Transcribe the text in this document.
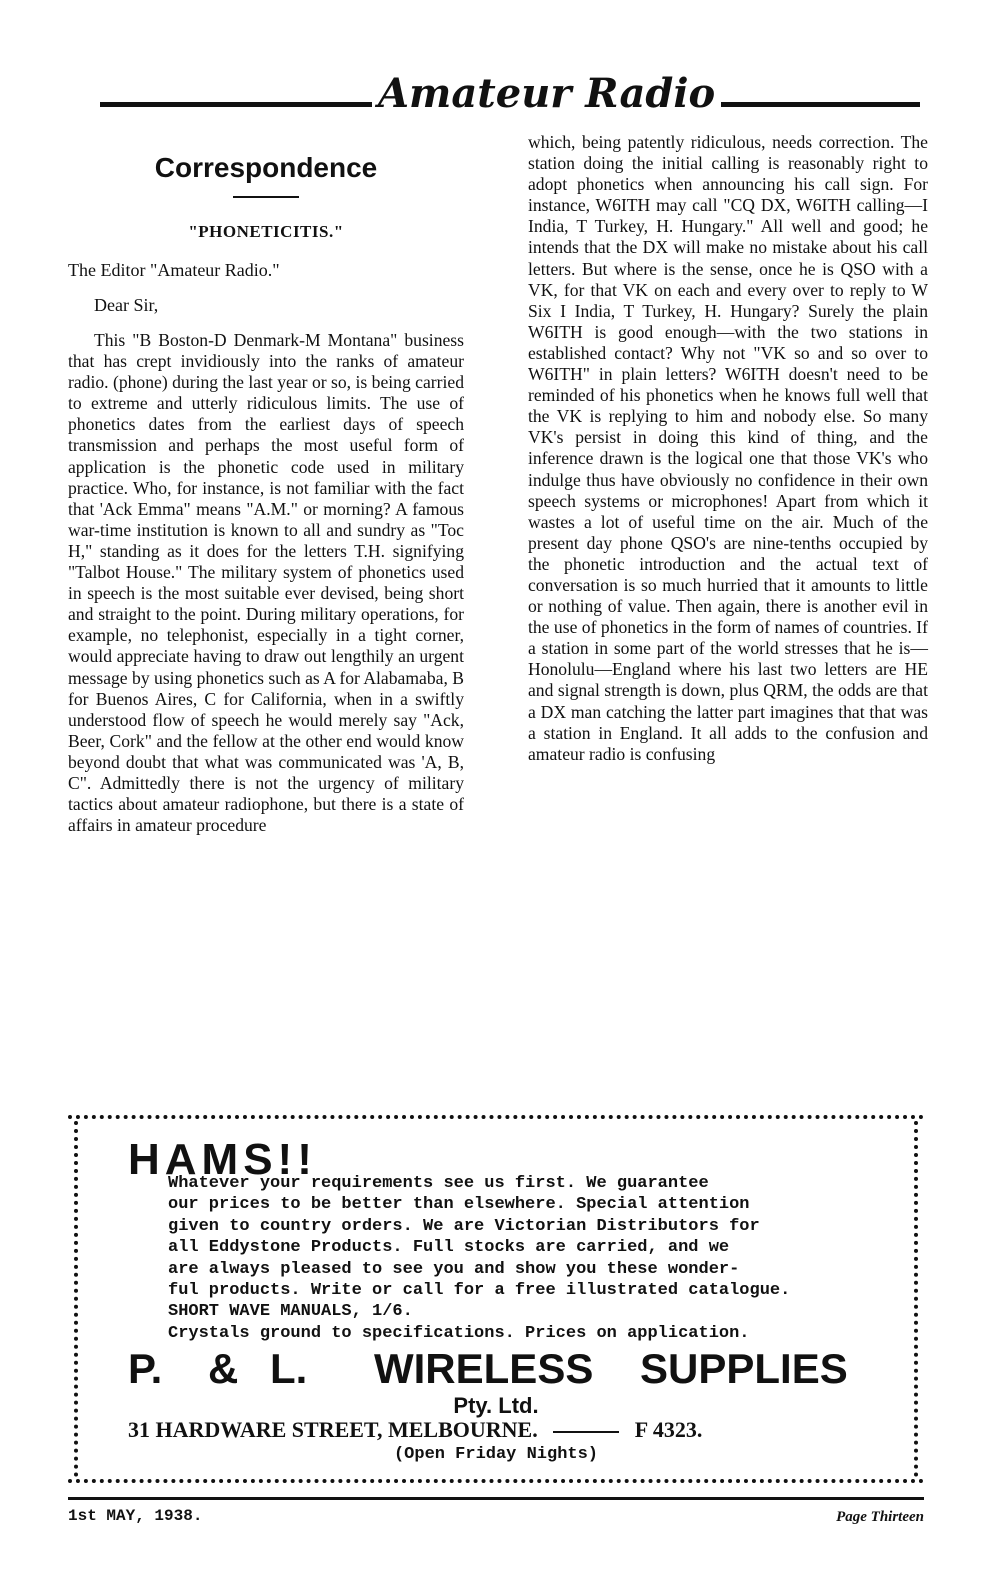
Amateur Radio
Correspondence
"PHONETICITIS."
The Editor "Amateur Radio."
Dear Sir,

This "B Boston-D Denmark-M Montana" business that has crept invidiously into the ranks of amateur radio. (phone) during the last year or so, is being carried to extreme and utterly ridiculous limits. The use of phonetics dates from the earliest days of speech transmission and perhaps the most useful form of application is the phonetic code used in military practice. Who, for instance, is not familiar with the fact that 'Ack Emma" means "A.M." or morning? A famous war-time institution is known to all and sundry as "Toc H," standing as it does for the letters T.H. signifying "Talbot House." The military system of phonetics used in speech is the most suitable ever devised, being short and straight to the point. During military operations, for example, no telephonist, especially in a tight corner, would appreciate having to draw out lengthily an urgent message by using phonetics such as A for Alabamaba, B for Buenos Aires, C for California, when in a swiftly understood flow of speech he would merely say "Ack, Beer, Cork" and the fellow at the other end would know beyond doubt that what was communicated was 'A, B, C". Admittedly there is not the urgency of military tactics about amateur radiophone, but there is a state of affairs in amateur procedure

which, being patently ridiculous, needs correction. The station doing the initial calling is reasonably right to adopt phonetics when announcing his call sign. For instance, W6ITH may call "CQ DX, W6ITH calling—I India, T Turkey, H. Hungary." All well and good; he intends that the DX will make no mistake about his call letters. But where is the sense, once he is QSO with a VK, for that VK on each and every over to reply to W Six I India, T Turkey, H. Hungary? Surely the plain W6ITH is good enough—with the two stations in established contact? Why not "VK so and so over to W6ITH" in plain letters? W6ITH doesn't need to be reminded of his phonetics when he knows full well that the VK is replying to him and nobody else. So many VK's persist in doing this kind of thing, and the inference drawn is the logical one that those VK's who indulge thus have obviously no confidence in their own speech systems or microphones! Apart from which it wastes a lot of useful time on the air. Much of the present day phone QSO's are nine-tenths occupied by the phonetic introduction and the actual text of conversation is so much hurried that it amounts to little or nothing of value. Then again, there is another evil in the use of phonetics in the form of names of countries. If a station in some part of the world stresses that he is—Honolulu—England where his last two letters are HE and signal strength is down, plus QRM, the odds are that a DX man catching the latter part imagines that that was a station in England. It all adds to the confusion and amateur radio is confusing

HAMS!!
Whatever your requirements see us first. We guarantee
our prices to be better than elsewhere. Special attention
given to country orders. We are Victorian Distributors for
all Eddystone Products. Full stocks are carried, and we
are always pleased to see you and show you these wonder-
ful products. Write or call for a free illustrated catalogue.
SHORT WAVE MANUALS, 1/6.
Crystals ground to specifications. Prices on application.
P. & L. WIRELESS SUPPLIES
Pty. Ltd.
31 HARDWARE STREET, MELBOURNE.	F 4323.
(Open Friday Nights)
1st MAY, 1938.	Page Thirteen
